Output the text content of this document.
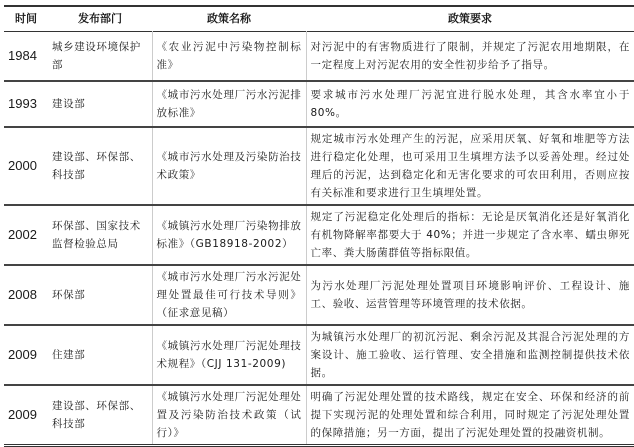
时间	发布部门	政策名称	政策要求
1984	城乡建设环境保护部	《农业污泥中污染物控制标准》	对污泥中的有害物质进行了限制，并规定了污泥农用地期限，在一定程度上对污泥农用的安全性初步给予了指导。
1993	建设部	《城市污水处理厂污水污泥排放标准》	要求城市污水处理厂污泥宜进行脱水处理，其含水率宜小于 80%。
2000	建设部、环保部、科技部	《城市污水处理及污染防治技术政策》	规定城市污水处理产生的污泥，应采用厌氧、好氧和堆肥等方法进行稳定化处理，也可采用卫生填埋方法予以妥善处理。经过处理后的污泥，达到稳定化和无害化要求的可农田利用，否则应按有关标准和要求进行卫生填埋处置。
2002	环保部、国家技术监督检验总局	《城镇污水处理厂污染物排放标准》（GB18918-2002）	规定了污泥稳定化处理后的指标：无论是厌氧消化还是好氧消化有机物降解率都要大于 40%；并进一步规定了含水率、蠕虫卵死亡率、粪大肠菌群值等指标限值。
2008	环保部	《城市污水处理厂污水污泥处理处置最佳可行技术导则》（征求意见稿）	为污水处理厂污泥处理处置项目环境影响评价、工程设计、施工、验收、运营管理等环境管理的技术依据。
2009	住建部	《城镇污水处理厂污泥处理技术规程》（CJJ 131-2009)	为城镇污水处理厂的初沉污泥、剩余污泥及其混合污泥处理的方案设计、施工验收、运行管理、安全措施和监测控制提供技术依据。
2009	建设部、环保部、科技部	《城镇污水处理厂污泥处理处置及污染防治技术政策（试行）》	明确了污泥处理处置的技术路线，规定在安全、环保和经济的前提下实现污泥的处理处置和综合利用，同时规定了污泥处理处置的保障措施；另一方面，提出了污泥处理处置的投融资机制。
